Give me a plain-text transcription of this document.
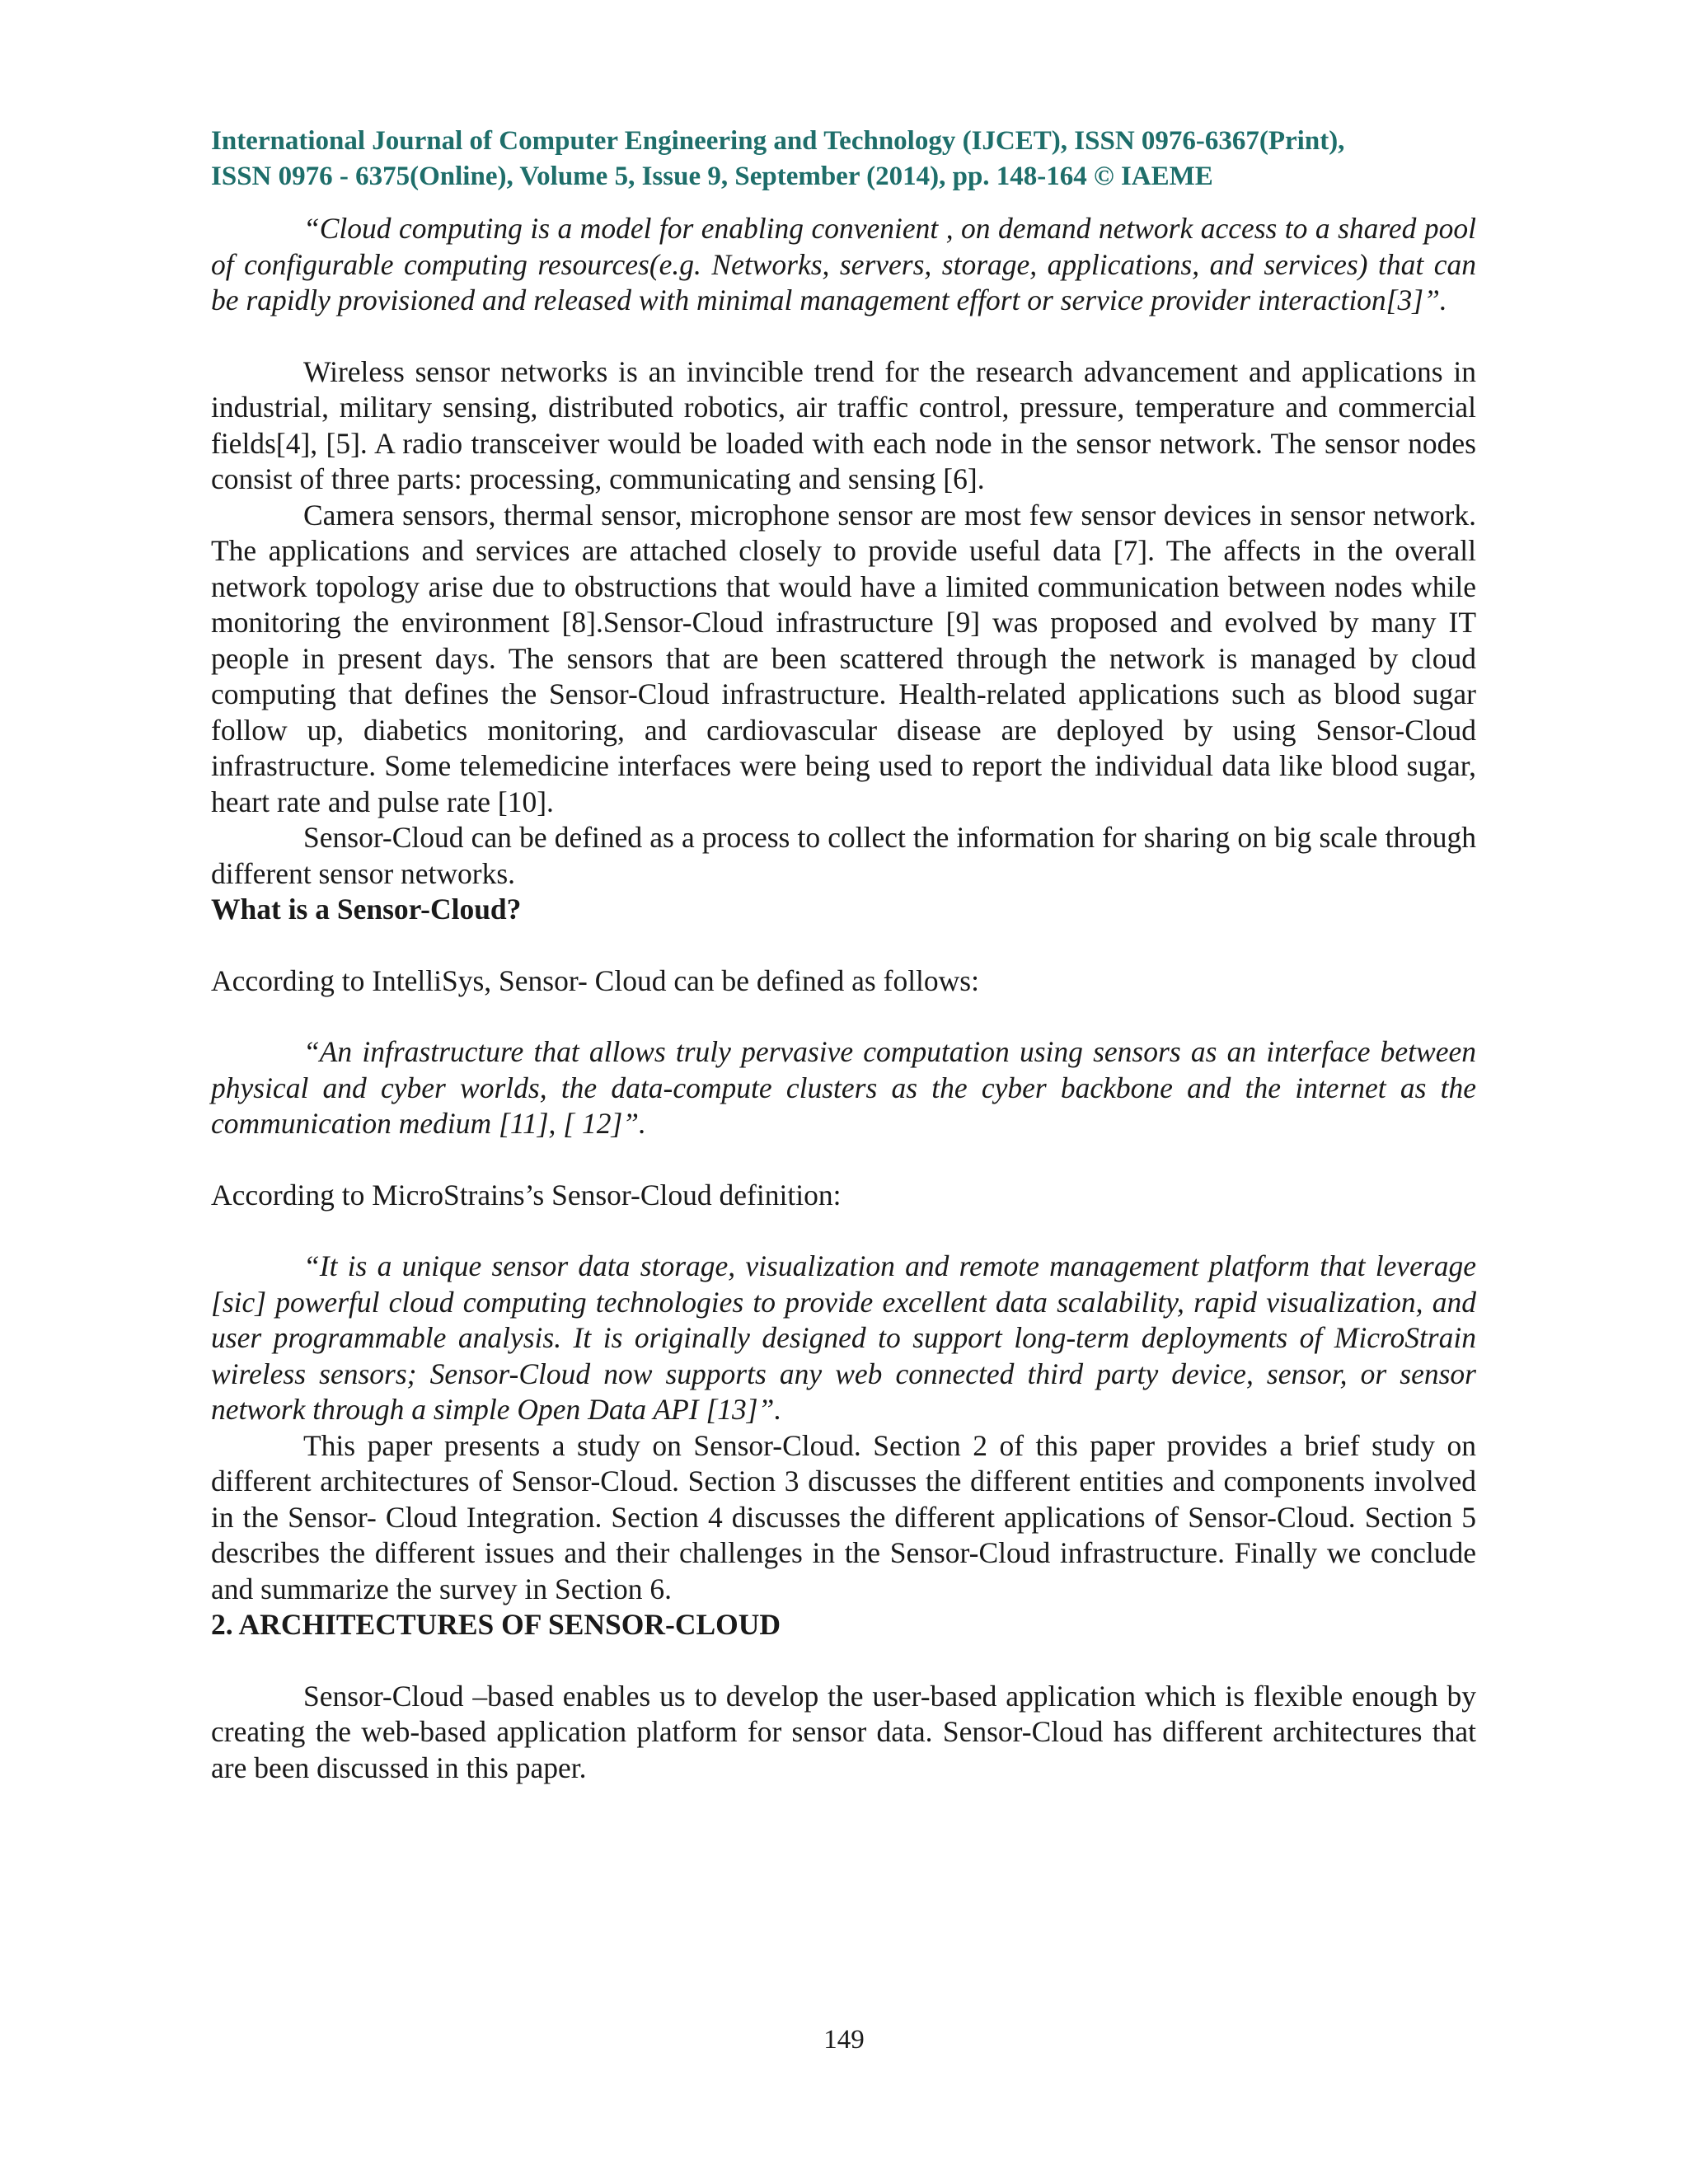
International Journal of Computer Engineering and Technology (IJCET), ISSN 0976-6367(Print),
ISSN 0976 - 6375(Online), Volume 5, Issue 9, September (2014), pp. 148-164 © IAEME

“Cloud computing is a model for enabling convenient , on demand network access to a shared pool of configurable computing resources(e.g. Networks, servers, storage, applications, and services) that can be rapidly provisioned and released with minimal management effort or service provider interaction[3]”.

Wireless sensor networks is an invincible trend for the research advancement and applications in industrial, military sensing, distributed robotics, air traffic control, pressure, temperature and commercial fields[4], [5]. A radio transceiver would be loaded with each node in the sensor network. The sensor nodes consist of three parts: processing, communicating and sensing [6].

Camera sensors, thermal sensor, microphone sensor are most few sensor devices in sensor network. The applications and services are attached closely to provide useful data [7]. The affects in the overall network topology arise due to obstructions that would have a limited communication between nodes while monitoring the environment [8].Sensor-Cloud infrastructure [9] was proposed and evolved by many IT people in present days. The sensors that are been scattered through the network is managed by cloud computing that defines the Sensor-Cloud infrastructure. Health-related applications such as blood sugar follow up, diabetics monitoring, and cardiovascular disease are deployed by using Sensor-Cloud infrastructure. Some telemedicine interfaces were being used to report the individual data like blood sugar, heart rate and pulse rate [10].

Sensor-Cloud can be defined as a process to collect the information for sharing on big scale through different sensor networks.

What is a Sensor-Cloud?

According to IntelliSys, Sensor- Cloud can be defined as follows:

“An infrastructure that allows truly pervasive computation using sensors as an interface between physical and cyber worlds, the data-compute clusters as the cyber backbone and the internet as the communication medium [11], [ 12]”.

According to MicroStrains’s Sensor-Cloud definition:

“It is a unique sensor data storage, visualization and remote management platform that leverage [sic] powerful cloud computing technologies to provide excellent data scalability, rapid visualization, and user programmable analysis. It is originally designed to support long-term deployments of MicroStrain wireless sensors; Sensor-Cloud now supports any web connected third party device, sensor, or sensor network through a simple Open Data API [13]”.

This paper presents a study on Sensor-Cloud. Section 2 of this paper provides a brief study on different architectures of Sensor-Cloud. Section 3 discusses the different entities and components involved in the Sensor- Cloud Integration. Section 4 discusses the different applications of Sensor-Cloud. Section 5 describes the different issues and their challenges in the Sensor-Cloud infrastructure. Finally we conclude and summarize the survey in Section 6.

2. ARCHITECTURES OF SENSOR-CLOUD

Sensor-Cloud –based enables us to develop the user-based application which is flexible enough by creating the web-based application platform for sensor data. Sensor-Cloud has different architectures that are been discussed in this paper.

149
